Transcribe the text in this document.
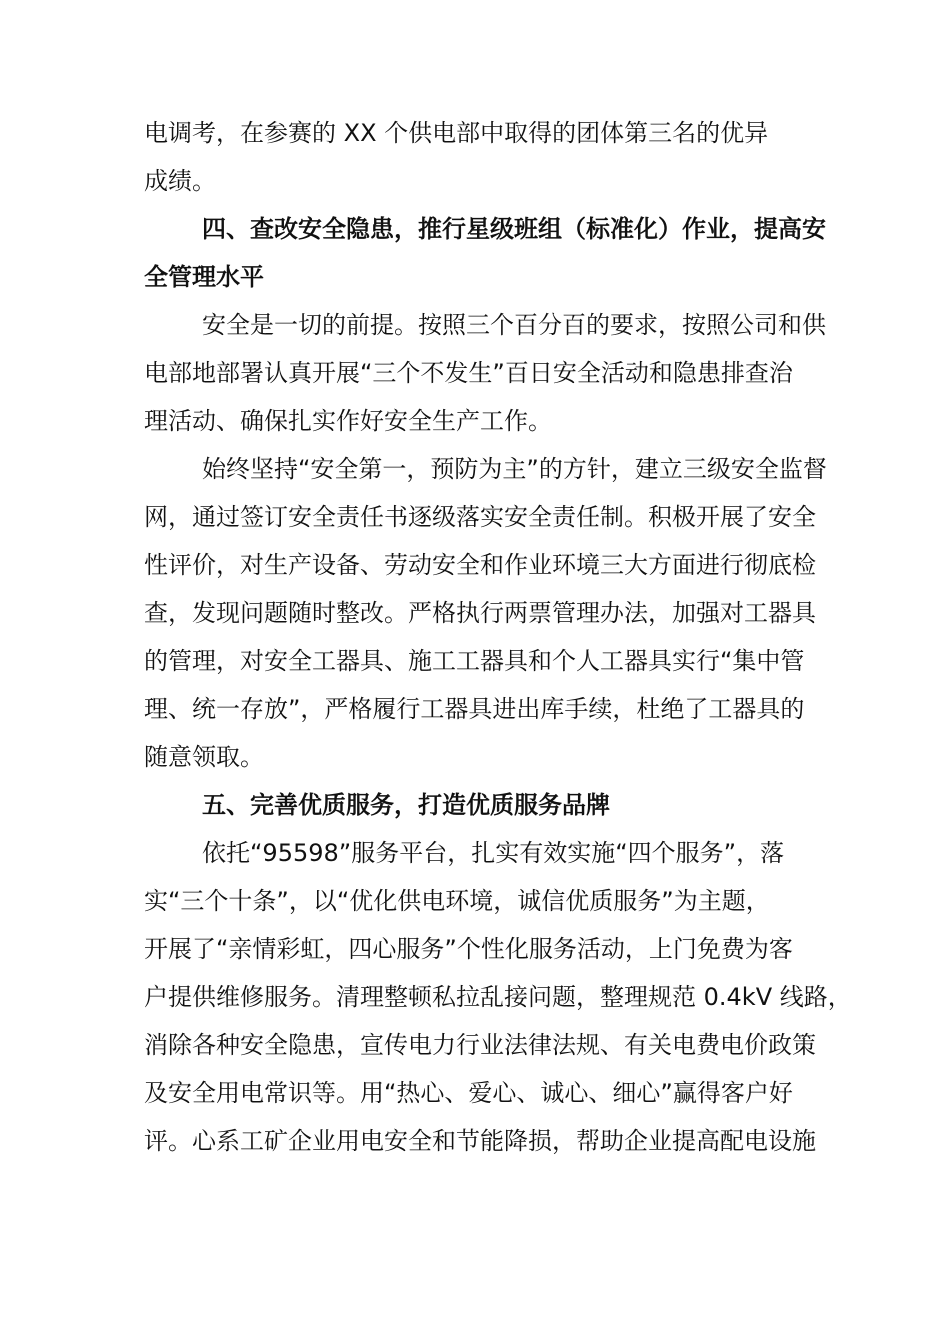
电调考，在参赛的 XX 个供电部中取得的团体第三名的优异
成绩。
四、查改安全隐患，推行星级班组（标准化）作业，提高安
全管理水平
安全是一切的前提。按照三个百分百的要求，按照公司和供
电部地部署认真开展“三个不发生”百日安全活动和隐患排查治
理活动、确保扎实作好安全生产工作。
始终坚持“安全第一，预防为主”的方针，建立三级安全监督
网，通过签订安全责任书逐级落实安全责任制。积极开展了安全
性评价，对生产设备、劳动安全和作业环境三大方面进行彻底检
查，发现问题随时整改。严格执行两票管理办法，加强对工器具
的管理，对安全工器具、施工工器具和个人工器具实行“集中管
理、统一存放”，严格履行工器具进出库手续，杜绝了工器具的
随意领取。
五、完善优质服务，打造优质服务品牌
依托“95598”服务平台，扎实有效实施“四个服务”，落
实“三个十条”，以“优化供电环境，诚信优质服务”为主题，
开展了“亲情彩虹，四心服务”个性化服务活动，上门免费为客
户提供维修服务。清理整顿私拉乱接问题，整理规范 0.4kV 线路，
消除各种安全隐患，宣传电力行业法律法规、有关电费电价政策
及安全用电常识等。用“热心、爱心、诚心、细心”赢得客户好
评。心系工矿企业用电安全和节能降损，帮助企业提高配电设施
